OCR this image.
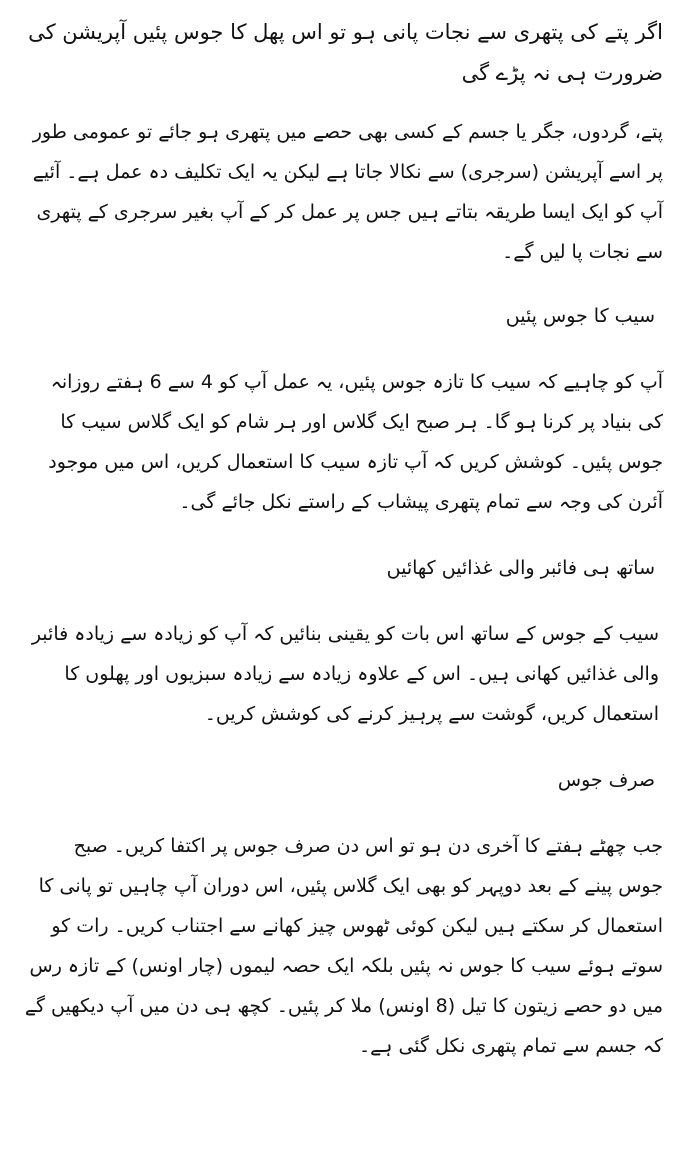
اگر پتے کی پتھری سے نجات پانی ہو تو اس پھل کا جوس پئیں آپریشن کی ضرورت ہی نہ پڑے گی

پتے، گردوں، جگر یا جسم کے کسی بھی حصے میں پتھری ہو جائے تو عمومی طور پر اسے آپریشن (سرجری) سے نکالا جاتا ہے لیکن یہ ایک تکلیف دہ عمل ہے۔ آئیے آپ کو ایک ایسا طریقہ بتاتے ہیں جس پر عمل کر کے آپ بغیر سرجری کے پتھری سے نجات پا لیں گے۔

سیب کا جوس پئیں

آپ کو چاہیے کہ سیب کا تازہ جوس پئیں، یہ عمل آپ کو 4 سے 6 ہفتے روزانہ کی بنیاد پر کرنا ہو گا۔ ہر صبح ایک گلاس اور ہر شام کو ایک گلاس سیب کا جوس پئیں۔ کوشش کریں کہ آپ تازہ سیب کا استعمال کریں، اس میں موجود آئرن کی وجہ سے تمام پتھری پیشاب کے راستے نکل جائے گی۔

ساتھ ہی فائبر والی غذائیں کھائیں

سیب کے جوس کے ساتھ اس بات کو یقینی بنائیں کہ آپ کو زیادہ سے زیادہ فائبر والی غذائیں کھانی ہیں۔ اس کے علاوہ زیادہ سے زیادہ سبزیوں اور پھلوں کا استعمال کریں، گوشت سے پرہیز کرنے کی کوشش کریں۔

صرف جوس

جب چھٹے ہفتے کا آخری دن ہو تو اس دن صرف جوس پر اکتفا کریں۔ صبح جوس پینے کے بعد دوپہر کو بھی ایک گلاس پئیں، اس دوران آپ چاہیں تو پانی کا استعمال کر سکتے ہیں لیکن کوئی ٹھوس چیز کھانے سے اجتناب کریں۔ رات کو سوتے ہوئے سیب کا جوس نہ پئیں بلکہ ایک حصہ لیموں (چار اونس) کے تازہ رس میں دو حصے زیتون کا تیل (8 اونس) ملا کر پئیں۔ کچھ ہی دن میں آپ دیکھیں گے کہ جسم سے تمام پتھری نکل گئی ہے۔
